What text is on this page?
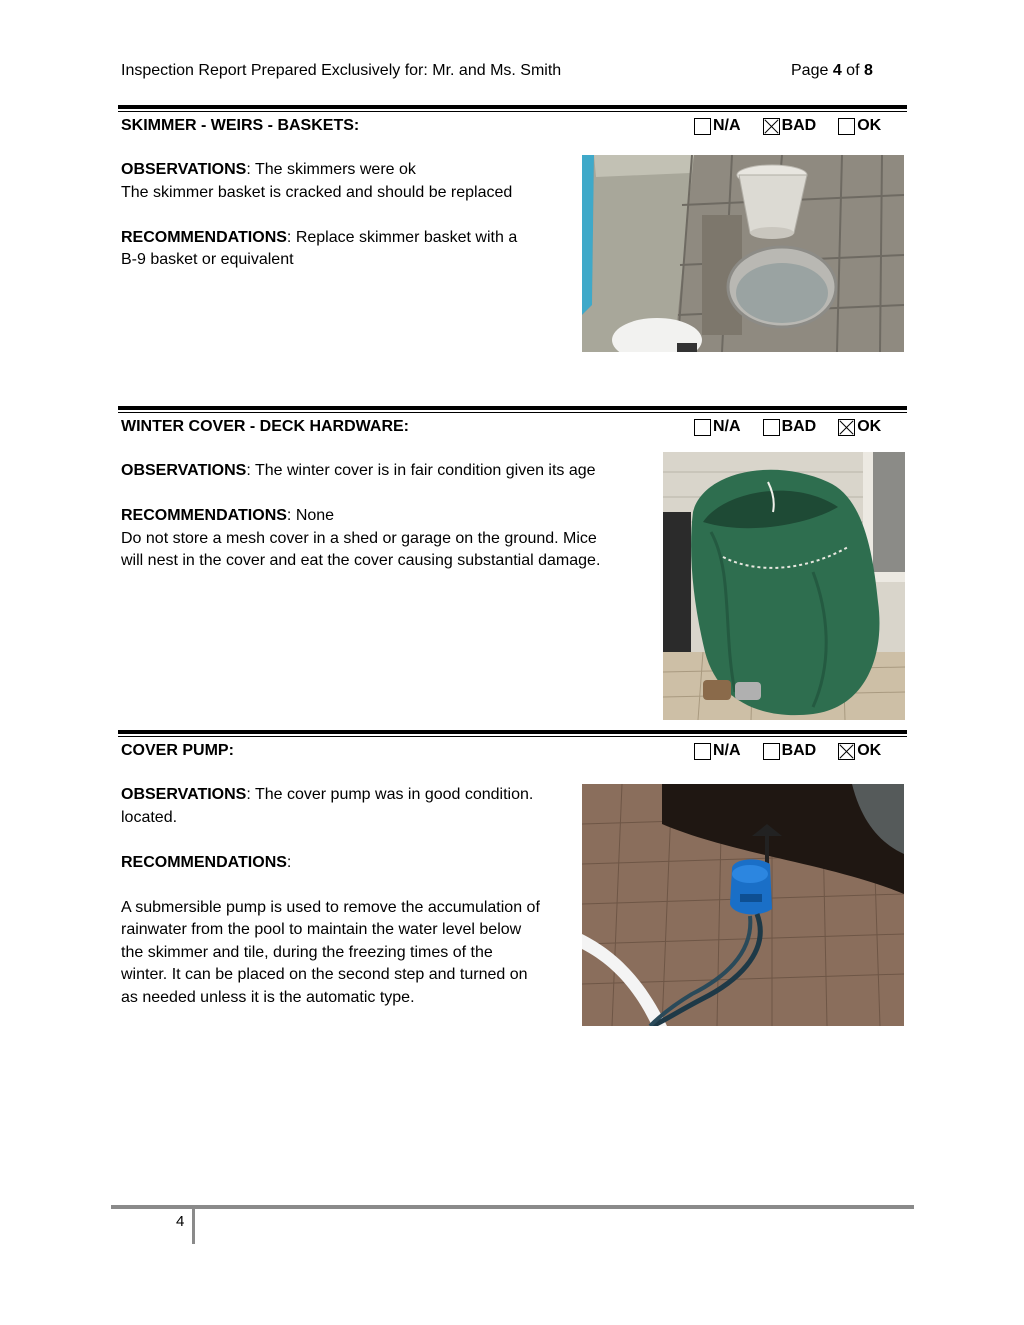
Inspection Report Prepared Exclusively for: Mr. and Ms. Smith	Page 4 of 8
SKIMMER - WEIRS - BASKETS:	N/A	BAD	OK

OBSERVATIONS: The skimmers were ok

The skimmer basket is cracked and should be replaced

RECOMMENDATIONS: Replace skimmer basket with a

B-9 basket or equivalent

WINTER COVER - DECK HARDWARE:	N/A	BAD	OK

OBSERVATIONS: The winter cover is in fair condition given its age

RECOMMENDATIONS: None

Do not store a mesh cover in a shed or garage on the ground. Mice

will nest in the cover and eat the cover causing substantial damage.

COVER PUMP:	N/A	BAD	OK

OBSERVATIONS: The cover pump was in good condition.

located.

RECOMMENDATIONS:

A submersible pump is used to remove the accumulation of

rainwater from the pool to maintain the water level below

the skimmer and tile, during the freezing times of the

winter. It can be placed on the second step and turned on

as needed unless it is the automatic type.

4
